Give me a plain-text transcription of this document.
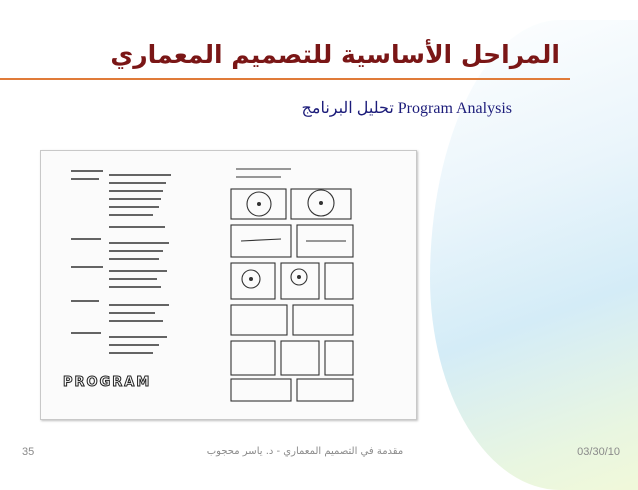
المراحل الأساسية للتصميم المعماري
تحليل البرنامج Program Analysis
PROGRAM
35	مقدمة في التصميم المعماري - د. ياسر محجوب	03/30/10
